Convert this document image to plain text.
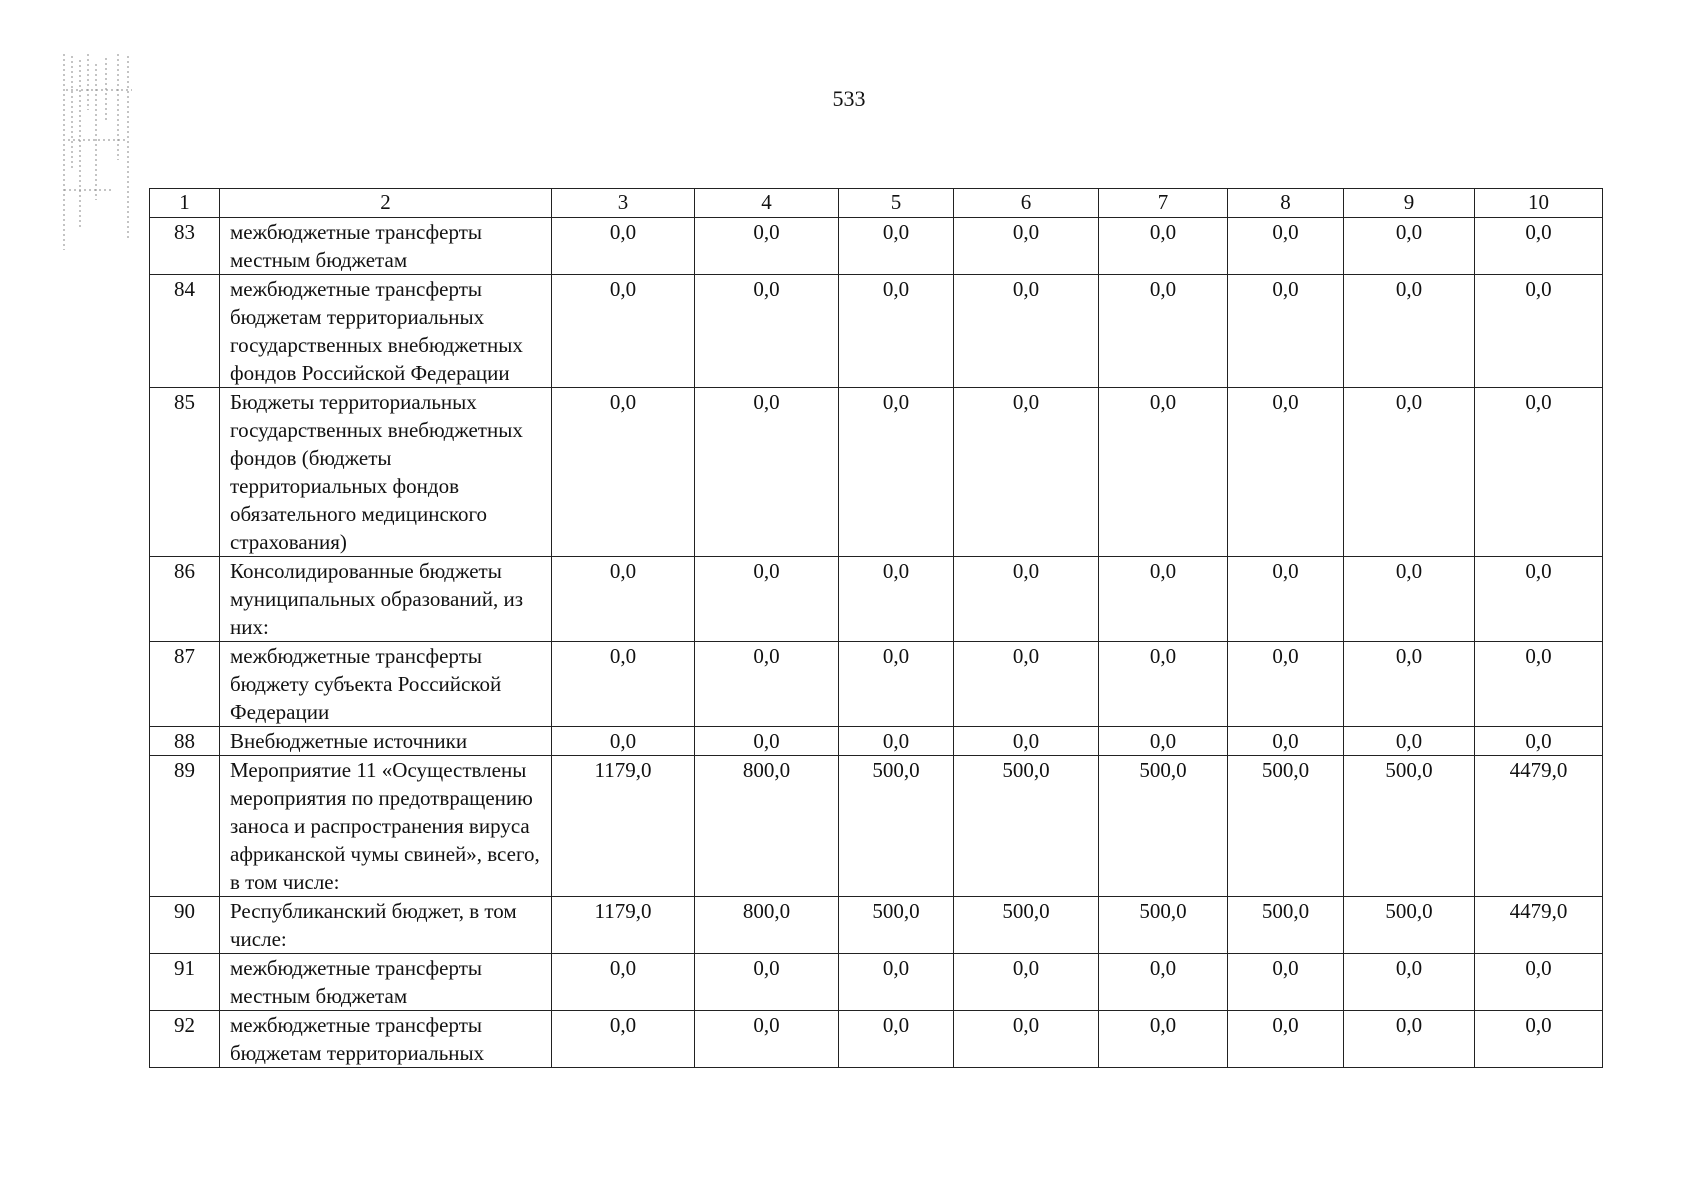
533
1	2	3	4	5	6	7	8	9	10
83	межбюджетные трансферты местным бюджетам	0,0	0,0	0,0	0,0	0,0	0,0	0,0	0,0
84	межбюджетные трансферты бюджетам территориальных государственных внебюджетных фондов Российской Федерации	0,0	0,0	0,0	0,0	0,0	0,0	0,0	0,0
85	Бюджеты территориальных государственных внебюджетных фондов (бюджеты территориальных фондов обязательного медицинского страхования)	0,0	0,0	0,0	0,0	0,0	0,0	0,0	0,0
86	Консолидированные бюджеты муниципальных образований, из них:	0,0	0,0	0,0	0,0	0,0	0,0	0,0	0,0
87	межбюджетные трансферты бюджету субъекта Российской Федерации	0,0	0,0	0,0	0,0	0,0	0,0	0,0	0,0
88	Внебюджетные источники	0,0	0,0	0,0	0,0	0,0	0,0	0,0	0,0
89	Мероприятие 11 «Осуществлены мероприятия по предотвращению заноса и распространения вируса африканской чумы свиней», всего, в том числе:	1179,0	800,0	500,0	500,0	500,0	500,0	500,0	4479,0
90	Республиканский бюджет, в том числе:	1179,0	800,0	500,0	500,0	500,0	500,0	500,0	4479,0
91	межбюджетные трансферты местным бюджетам	0,0	0,0	0,0	0,0	0,0	0,0	0,0	0,0
92	межбюджетные трансферты бюджетам территориальных	0,0	0,0	0,0	0,0	0,0	0,0	0,0	0,0
